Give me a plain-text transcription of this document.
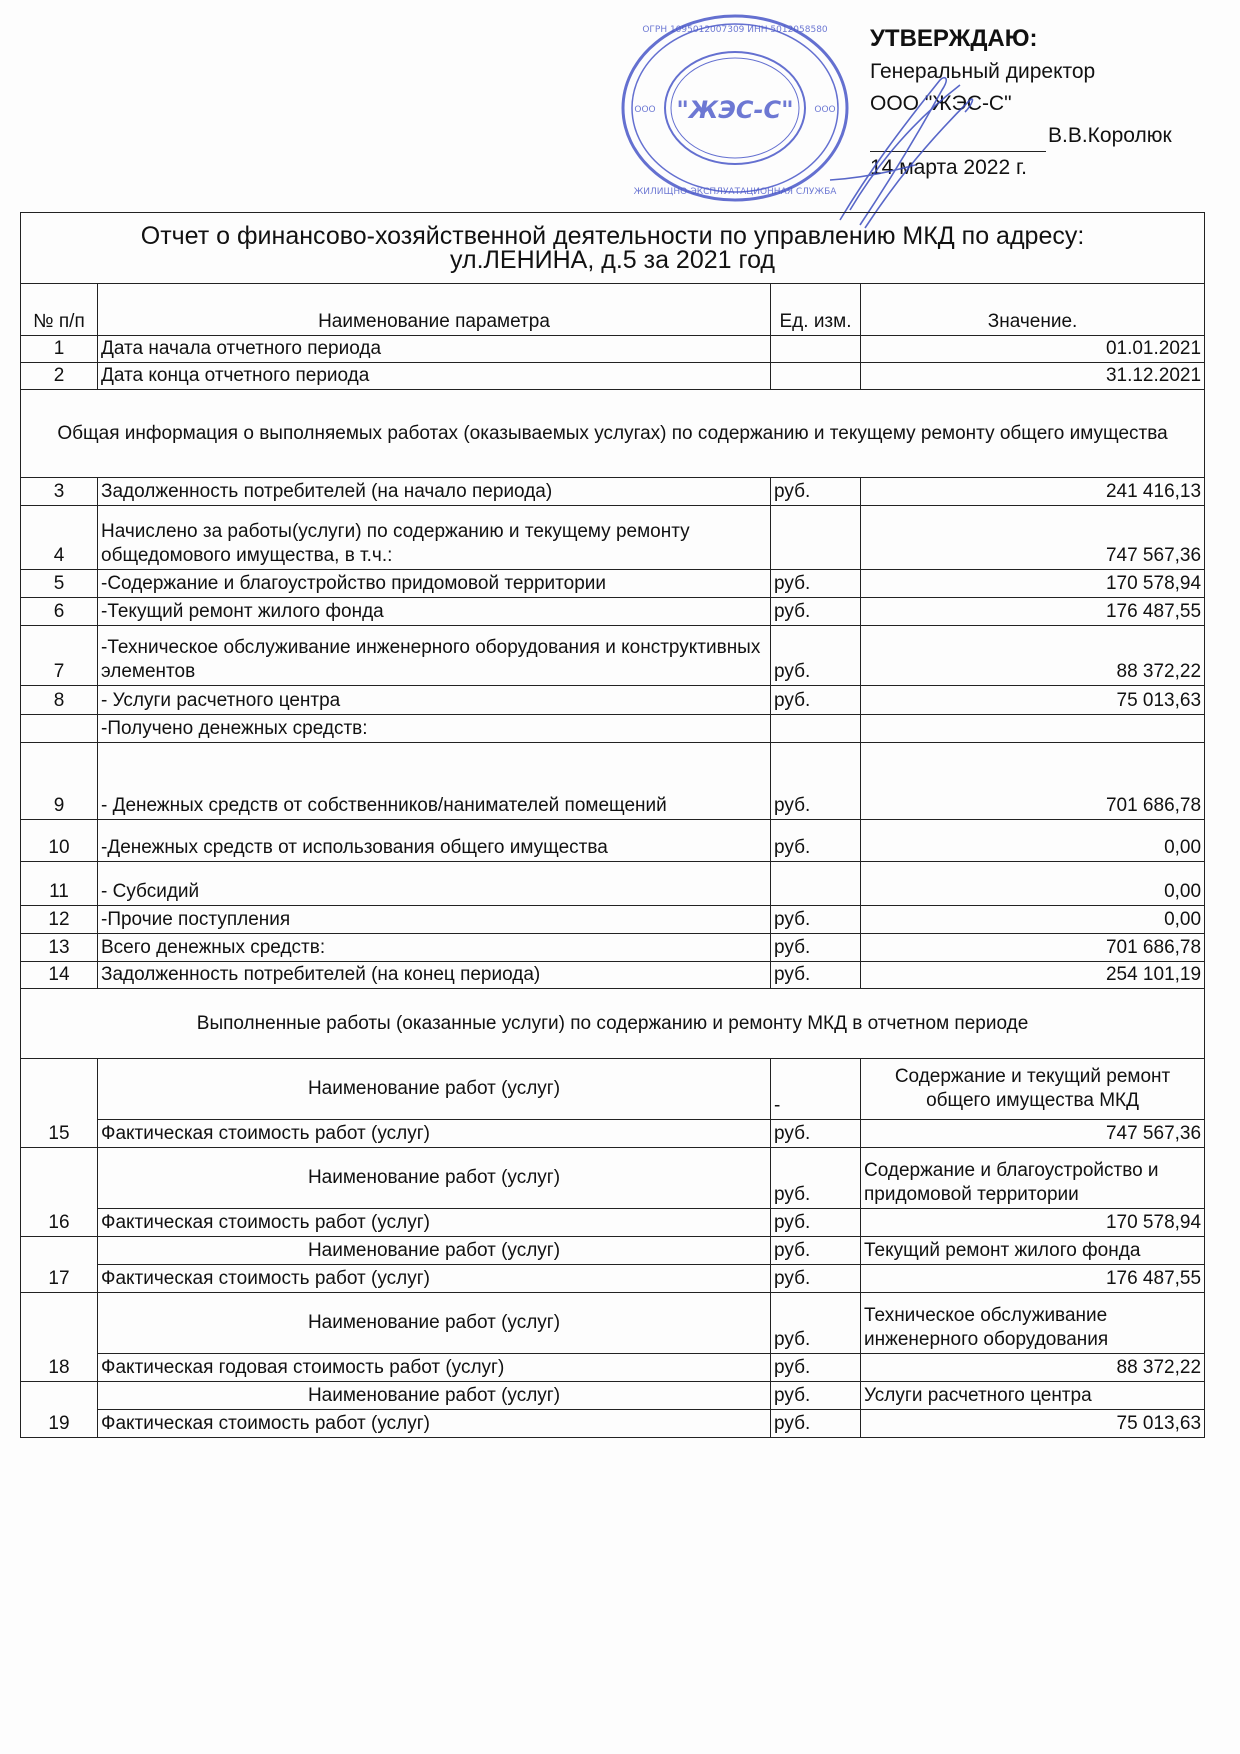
УТВЕРЖДАЮ:
Генеральный директор
ООО "ЖЭС-С"
В.В.Королюк
14 марта 2022 г.
ОГРН 1095012007309 ИНН 5012058580
ЖИЛИЩНО-ЭКСПЛУАТАЦИОННАЯ СЛУЖБА
ООО	ООО
"ЖЭС-С"
Отчет о финансово-хозяйственной деятельности по управлению МКД по адресу:
ул.ЛЕНИНА, д.5 за 2021 год			

№ п/п	Наименование параметра	Ед. изм.	Значение.
1	Дата начала отчетного периода		01.01.2021
2	Дата конца отчетного периода		31.12.2021
Общая информация о выполняемых работах (оказываемых услугах) по содержанию и текущему ремонту общего имущества			
3	Задолженность потребителей (на начало периода)	руб.	241 416,13
4	Начислено за работы(услуги) по содержанию и текущему ремонту общедомового имущества, в т.ч.:		747 567,36
5	-Содержание и благоустройство придомовой территории	руб.	170 578,94
6	-Текущий ремонт жилого фонда	руб.	176 487,55
7	-Техническое обслуживание инженерного оборудования и конструктивных элементов	руб.	88 372,22
8	- Услуги расчетного центра	руб.	75 013,63
	-Получено денежных средств:		
9	- Денежных средств от собственников/нанимателей помещений	руб.	701 686,78
10	-Денежных средств от использования общего имущества	руб.	0,00
11	- Субсидий		0,00
12	-Прочие поступления	руб.	0,00
13	Всего денежных средств:	руб.	701 686,78
14	Задолженность потребителей (на конец периода)	руб.	254 101,19
Выполненные работы (оказанные услуги) по содержанию и ремонту МКД в отчетном периоде			
15	Наименование работ (услуг)	-	Содержание и текущий ремонт общего имущества МКД
	Фактическая стоимость работ (услуг)	руб.	747 567,36
16	Наименование работ (услуг)	руб.	Содержание и благоустройство и придомовой территории
	Фактическая стоимость работ (услуг)	руб.	170 578,94
17	Наименование работ (услуг)	руб.	Текущий ремонт жилого фонда
	Фактическая стоимость работ (услуг)	руб.	176 487,55
18	Наименование работ (услуг)	руб.	Техническое обслуживание инженерного оборудования
	Фактическая годовая стоимость работ (услуг)	руб.	88 372,22
19	Наименование работ (услуг)	руб.	Услуги расчетного центра
	Фактическая стоимость работ (услуг)	руб.	75 013,63
